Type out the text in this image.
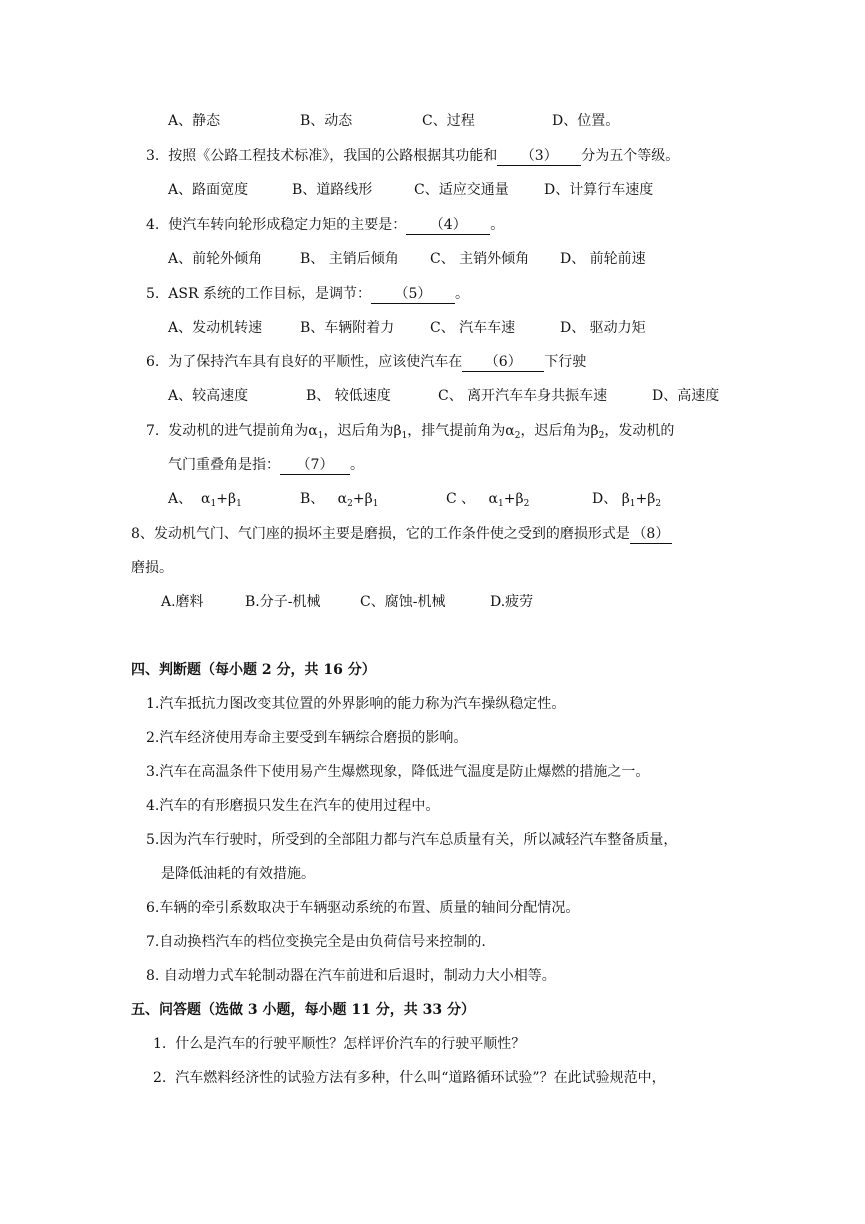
A、静态	B、动态	C、过程	D、位置。
3. 按照《公路工程技术标准》，我国的公路根据其功能和 （3） 分为五个等级。
A、路面宽度	B、道路线形	C、适应交通量	D、计算行车速度
4. 使汽车转向轮形成稳定力矩的主要是： （4） 。
A、前轮外倾角	B、 主销后倾角 C、 主销外倾角 D、 前轮前速
5. ASR 系统的工作目标，是调节： （5） 。
A、发动机转速	B、车辆附着力	C、 汽车车速	D、 驱动力矩
6. 为了保持汽车具有良好的平顺性，应该使汽车在 （6） 下行驶
A、较高速度	B、 较低速度	C、 离开汽车车身共振车速	D、高速度
7. 发动机的进气提前角为$\alpha_1$，迟后角为$\beta_1$，排气提前角为$\alpha_2$，迟后角为$\beta_2$，发动机的
气门重叠角是指： （7） 。
A、 $\alpha_1+\beta_1$	B、 $\alpha_2+\beta_1$	C 、 $\alpha_1+\beta_2$	D、 $\beta_1+\beta_2$
8、发动机气门、气门座的损坏主要是磨损，它的工作条件使之受到的磨损形式是 （8）
磨损。
A.磨料	B.分子-机械	C、腐蚀-机械	D.疲劳
四、判断题（每小题 2 分，共 16 分）
1.汽车抵抗力图改变其位置的外界影响的能力称为汽车操纵稳定性。
2.汽车经济使用寿命主要受到车辆综合磨损的影响。
3.汽车在高温条件下使用易产生爆燃现象，降低进气温度是防止爆燃的措施之一。
4.汽车的有形磨损只发生在汽车的使用过程中。
5.因为汽车行驶时，所受到的全部阻力都与汽车总质量有关，所以减轻汽车整备质量，
是降低油耗的有效措施。
6.车辆的牵引系数取决于车辆驱动系统的布置、质量的轴间分配情况。
7.自动换档汽车的档位变换完全是由负荷信号来控制的.
8. 自动增力式车轮制动器在汽车前进和后退时，制动力大小相等。
五、问答题（选做 3 小题，每小题 11 分，共 33 分）
1. 什么是汽车的行驶平顺性？怎样评价汽车的行驶平顺性？
2. 汽车燃料经济性的试验方法有多种，什么叫“道路循环试验”？在此试验规范中，
